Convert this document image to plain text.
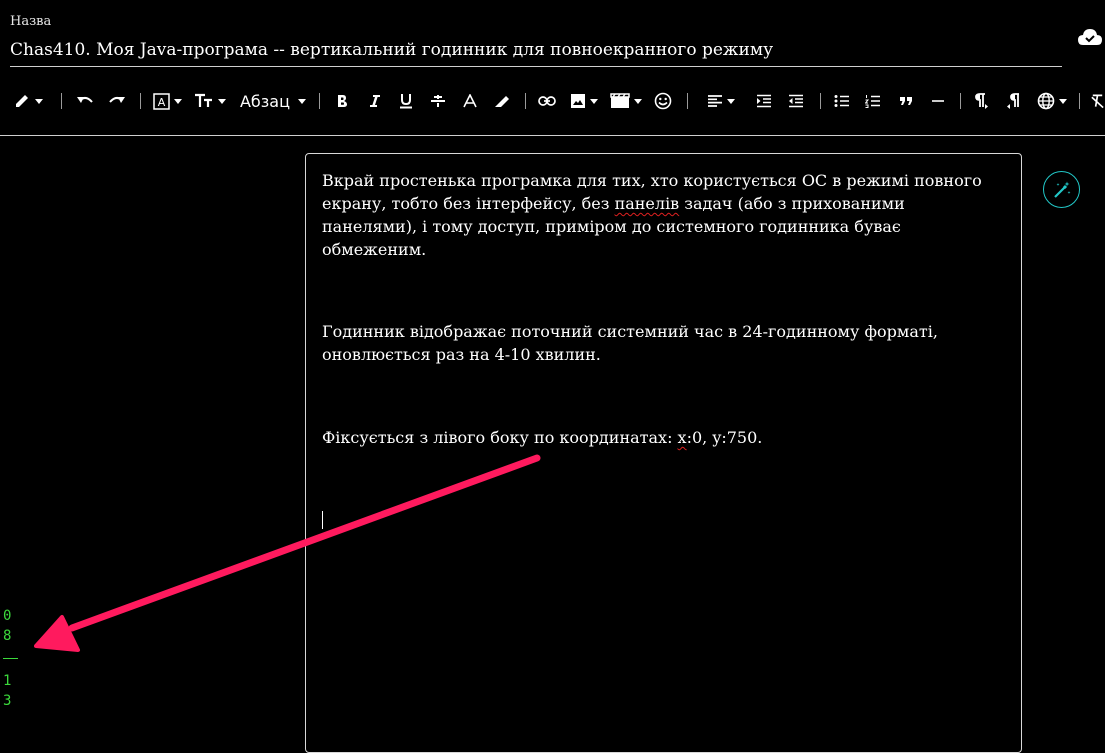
Назва
Chas410. Моя Java-програма -- вертикальний годинник для повноекранного режиму
A	Абзац

Вкрай простенька програмка для тих, хто користується ОС в режимі повного екрану, тобто без інтерфейсу, без панелів задач (або з прихованими панелями), і тому доступ, приміром до системного годинника буває обмеженим.

Годинник відображає поточний системний час в 24-годинному форматі, оновлюється раз на 4-10 хвилин.

Фіксується з лівого боку по координатах: х:0, y:750.

0
8
1
3
